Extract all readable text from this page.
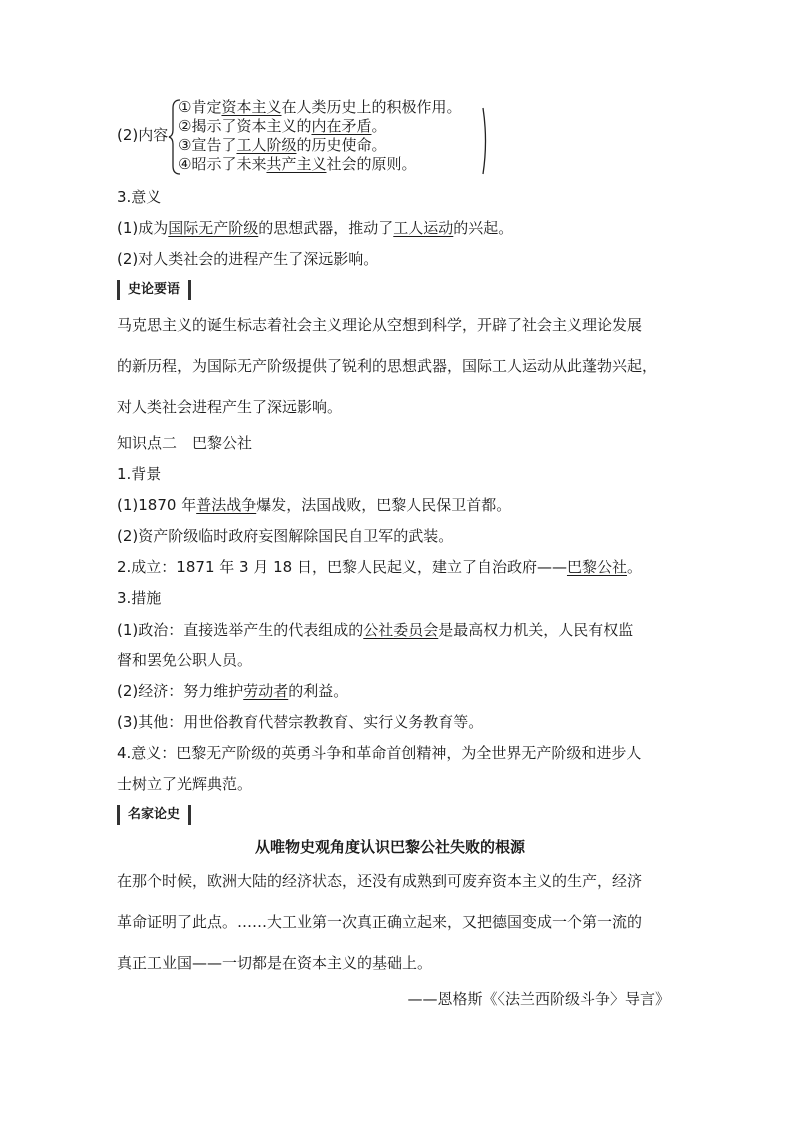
(2)内容
①肯定资本主义在人类历史上的积极作用。
②揭示了资本主义的内在矛盾。
③宣告了工人阶级的历史使命。
④昭示了未来共产主义社会的原则。
3.意义
(1)成为国际无产阶级的思想武器，推动了工人运动的兴起。
(2)对人类社会的进程产生了深远影响。
史论要语
马克思主义的诞生标志着社会主义理论从空想到科学，开辟了社会主义理论发展
的新历程，为国际无产阶级提供了锐利的思想武器，国际工人运动从此蓬勃兴起，
对人类社会进程产生了深远影响。
知识点二　巴黎公社
1.背景
(1)1870 年普法战争爆发，法国战败，巴黎人民保卫首都。
(2)资产阶级临时政府妄图解除国民自卫军的武装。
2.成立：1871 年 3 月 18 日，巴黎人民起义，建立了自治政府——巴黎公社。
3.措施
(1)政治：直接选举产生的代表组成的公社委员会是最高权力机关，人民有权监
督和罢免公职人员。
(2)经济：努力维护劳动者的利益。
(3)其他：用世俗教育代替宗教教育、实行义务教育等。
4.意义：巴黎无产阶级的英勇斗争和革命首创精神，为全世界无产阶级和进步人
士树立了光辉典范。
名家论史
从唯物史观角度认识巴黎公社失败的根源
在那个时候，欧洲大陆的经济状态，还没有成熟到可废弃资本主义的生产，经济
革命证明了此点。……大工业第一次真正确立起来，又把德国变成一个第一流的
真正工业国——一切都是在资本主义的基础上。
——恩格斯《〈法兰西阶级斗争〉导言》
